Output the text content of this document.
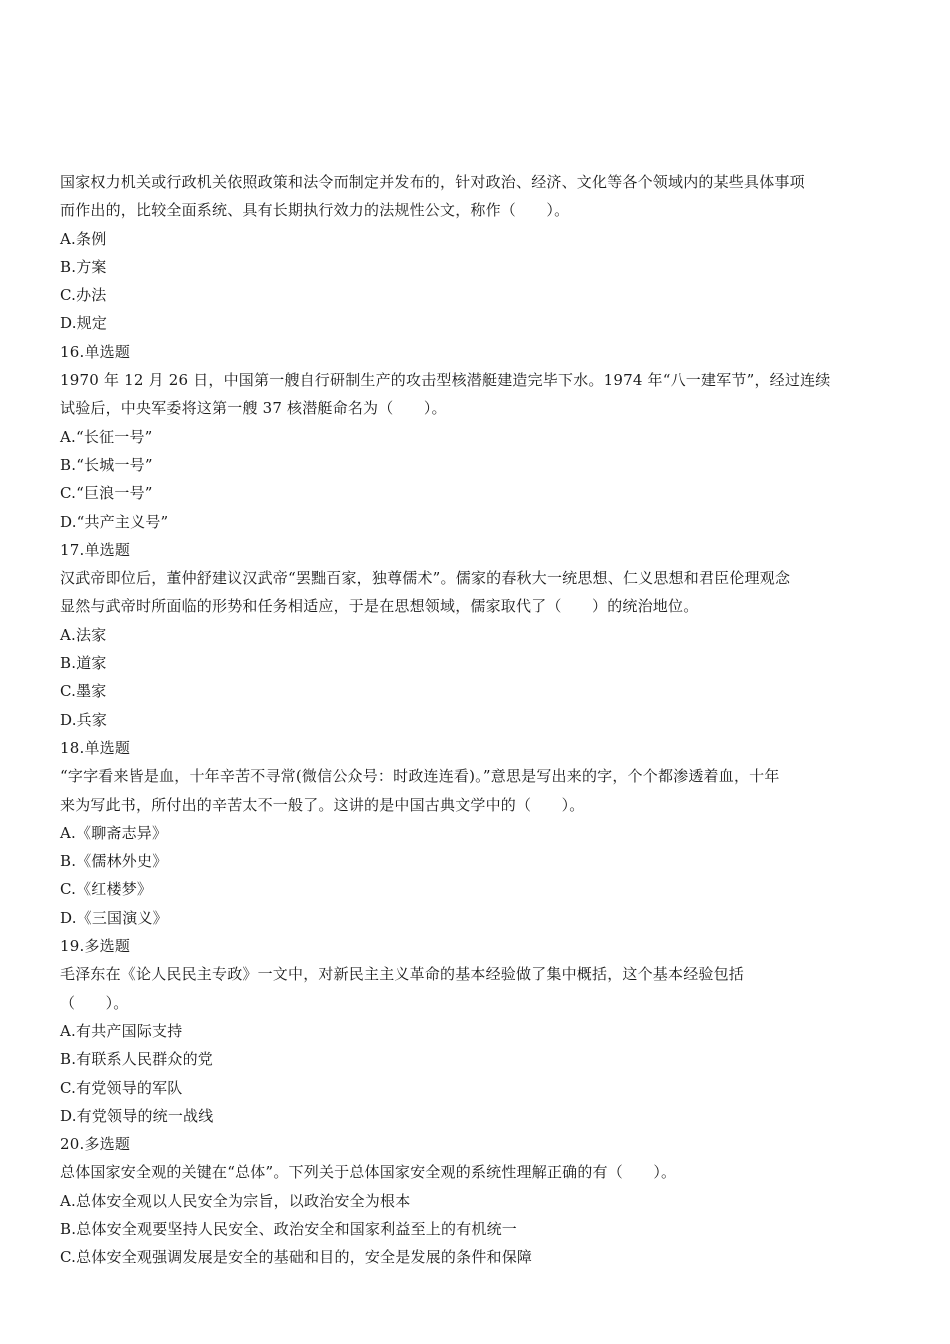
国家权力机关或行政机关依照政策和法令而制定并发布的，针对政治、经济、文化等各个领域内的某些具体事项
而作出的，比较全面系统、具有长期执行效力的法规性公文，称作（　　）。
A.条例
B.方案
C.办法
D.规定
16.单选题
1970 年 12 月 26 日，中国第一艘自行研制生产的攻击型核潜艇建造完毕下水。1974 年“八一建军节”，经过连续
试验后，中央军委将这第一艘 37 核潜艇命名为（　　）。
A.“长征一号”
B.“长城一号”
C.“巨浪一号”
D.“共产主义号”
17.单选题
汉武帝即位后，董仲舒建议汉武帝“罢黜百家，独尊儒术”。儒家的春秋大一统思想、仁义思想和君臣伦理观念
显然与武帝时所面临的形势和任务相适应，于是在思想领域，儒家取代了（　　）的统治地位。
A.法家
B.道家
C.墨家
D.兵家
18.单选题
“字字看来皆是血，十年辛苦不寻常(微信公众号：时政连连看)。”意思是写出来的字，个个都渗透着血，十年
来为写此书，所付出的辛苦太不一般了。这讲的是中国古典文学中的（　　）。
A.《聊斋志异》
B.《儒林外史》
C.《红楼梦》
D.《三国演义》
19.多选题
毛泽东在《论人民民主专政》一文中，对新民主主义革命的基本经验做了集中概括，这个基本经验包括
（　　）。
A.有共产国际支持
B.有联系人民群众的党
C.有党领导的军队
D.有党领导的统一战线
20.多选题
总体国家安全观的关键在“总体”。下列关于总体国家安全观的系统性理解正确的有（　　）。
A.总体安全观以人民安全为宗旨，以政治安全为根本
B.总体安全观要坚持人民安全、政治安全和国家利益至上的有机统一
C.总体安全观强调发展是安全的基础和目的，安全是发展的条件和保障
